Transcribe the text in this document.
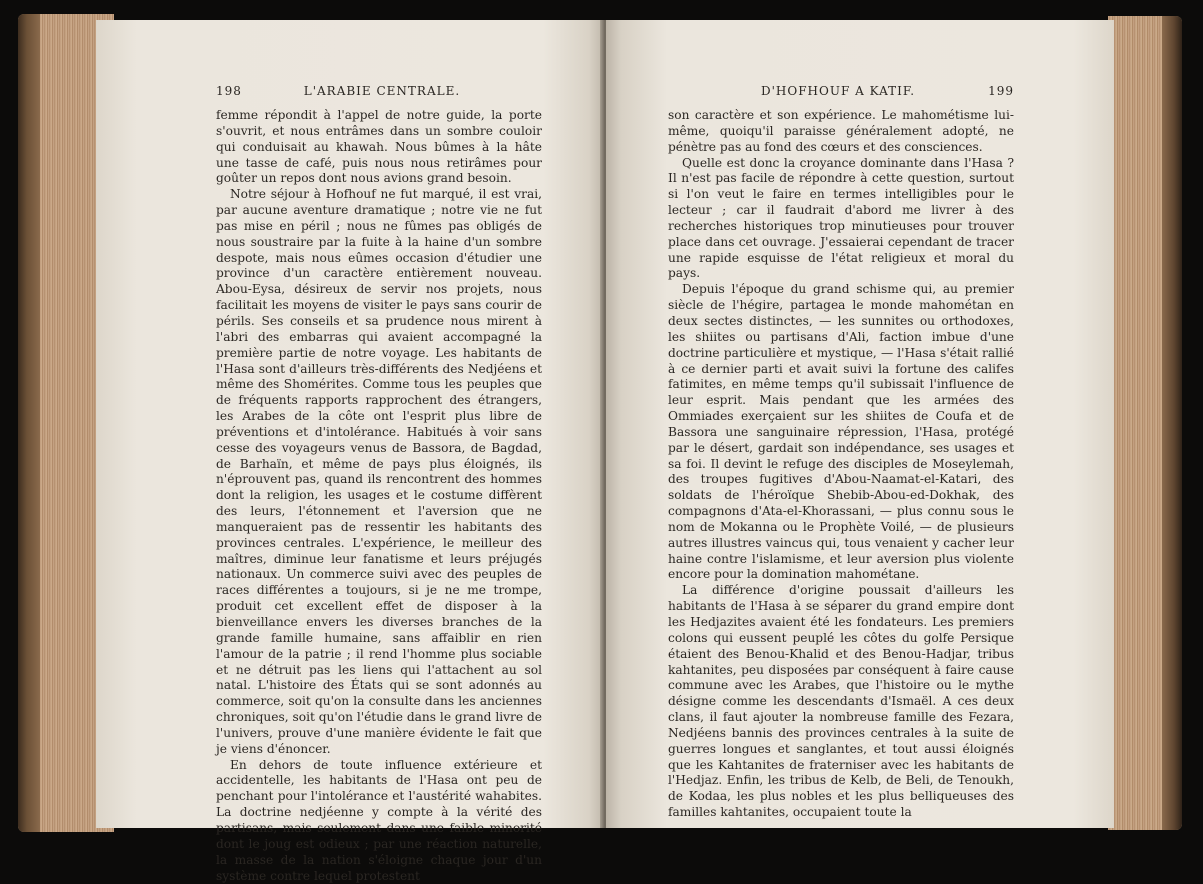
198	L'ARABIE CENTRALE.

femme répondit à l'appel de notre guide, la porte s'ouvrit, et nous entrâmes dans un sombre couloir qui conduisait au khawah. Nous bûmes à la hâte une tasse de café, puis nous nous retirâmes pour goûter un repos dont nous avions grand besoin.

Notre séjour à Hofhouf ne fut marqué, il est vrai, par aucune aventure dramatique ; notre vie ne fut pas mise en péril ; nous ne fûmes pas obligés de nous soustraire par la fuite à la haine d'un sombre despote, mais nous eûmes occasion d'étudier une province d'un caractère entièrement nouveau. Abou-Eysa, désireux de servir nos projets, nous facilitait les moyens de visiter le pays sans courir de périls. Ses conseils et sa prudence nous mirent à l'abri des embarras qui avaient accompagné la première partie de notre voyage. Les habitants de l'Hasa sont d'ailleurs très-différents des Nedjéens et même des Shomérites. Comme tous les peuples que de fréquents rapports rapprochent des étrangers, les Arabes de la côte ont l'esprit plus libre de préventions et d'intolérance. Habitués à voir sans cesse des voyageurs venus de Bassora, de Bagdad, de Barhaïn, et même de pays plus éloignés, ils n'éprouvent pas, quand ils rencontrent des hommes dont la religion, les usages et le costume diffèrent des leurs, l'étonnement et l'aversion que ne manqueraient pas de ressentir les habitants des provinces centrales. L'expérience, le meilleur des maîtres, diminue leur fanatisme et leurs préjugés nationaux. Un commerce suivi avec des peuples de races différentes a toujours, si je ne me trompe, produit cet excellent effet de disposer à la bienveillance envers les diverses branches de la grande famille humaine, sans affaiblir en rien l'amour de la patrie ; il rend l'homme plus sociable et ne détruit pas les liens qui l'attachent au sol natal. L'histoire des États qui se sont adonnés au commerce, soit qu'on la consulte dans les anciennes chroniques, soit qu'on l'étudie dans le grand livre de l'univers, prouve d'une manière évidente le fait que je viens d'énoncer.

En dehors de toute influence extérieure et accidentelle, les habitants de l'Hasa ont peu de penchant pour l'intolérance et l'austérité wahabites. La doctrine nedjéenne y compte à la vérité des partisans, mais seulement dans une faible minorité dont le joug est odieux ; par une réaction naturelle, la masse de la nation s'éloigne chaque jour d'un système contre lequel protestent

D'HOFHOUF A KATIF.	199

son caractère et son expérience. Le mahométisme lui-même, quoiqu'il paraisse généralement adopté, ne pénètre pas au fond des cœurs et des consciences.

Quelle est donc la croyance dominante dans l'Hasa ? Il n'est pas facile de répondre à cette question, surtout si l'on veut le faire en termes intelligibles pour le lecteur ; car il faudrait d'abord me livrer à des recherches historiques trop minutieuses pour trouver place dans cet ouvrage. J'essaierai cependant de tracer une rapide esquisse de l'état religieux et moral du pays.

Depuis l'époque du grand schisme qui, au premier siècle de l'hégire, partagea le monde mahométan en deux sectes distinctes, — les sunnites ou orthodoxes, les shiites ou partisans d'Ali, faction imbue d'une doctrine particulière et mystique, — l'Hasa s'était rallié à ce dernier parti et avait suivi la fortune des califes fatimites, en même temps qu'il subissait l'influence de leur esprit. Mais pendant que les armées des Ommiades exerçaient sur les shiites de Coufa et de Bassora une sanguinaire répression, l'Hasa, protégé par le désert, gardait son indépendance, ses usages et sa foi. Il devint le refuge des disciples de Moseylemah, des troupes fugitives d'Abou-Naamat-el-Katari, des soldats de l'héroïque Shebib-Abou-ed-Dokhak, des compagnons d'Ata-el-Khorassani, — plus connu sous le nom de Mokanna ou le Prophète Voilé, — de plusieurs autres illustres vaincus qui, tous venaient y cacher leur haine contre l'islamisme, et leur aversion plus violente encore pour la domination mahométane.

La différence d'origine poussait d'ailleurs les habitants de l'Hasa à se séparer du grand empire dont les Hedjazites avaient été les fondateurs. Les premiers colons qui eussent peuplé les côtes du golfe Persique étaient des Benou-Khalid et des Benou-Hadjar, tribus kahtanites, peu disposées par conséquent à faire cause commune avec les Arabes, que l'histoire ou le mythe désigne comme les descendants d'Ismaël. A ces deux clans, il faut ajouter la nombreuse famille des Fezara, Nedjéens bannis des provinces centrales à la suite de guerres longues et sanglantes, et tout aussi éloignés que les Kahtanites de fraterniser avec les habitants de l'Hedjaz. Enfin, les tribus de Kelb, de Beli, de Tenoukh, de Kodaa, les plus nobles et les plus belliqueuses des familles kahtanites, occupaient toute la
